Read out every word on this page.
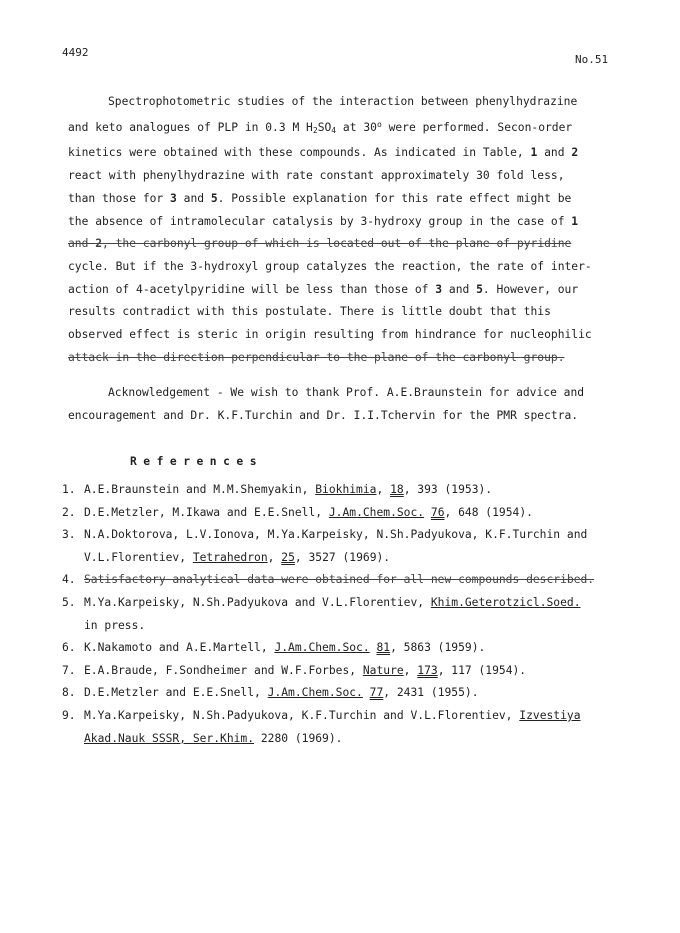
4492
No.51
Spectrophotometric studies of the interaction between phenylhydrazine
and keto analogues of PLP in 0.3 M $H_2SO_4$ at 30$^o$ were performed. Secon-order
kinetics were obtained with these compounds. As indicated in Table, 1 and 2
react with phenylhydrazine with rate constant approximately 30 fold less,
than those for 3 and 5. Possible explanation for this rate effect might be
the absence of intramolecular catalysis by 3-hydroxy group in the case of 1
and 2, the carbonyl group of which is located out of the plane of pyridine
cycle. But if the 3-hydroxyl group catalyzes the reaction, the rate of inter-
action of 4-acetylpyridine will be less than those of 3 and 5. However, our
results contradict with this postulate. There is little doubt that this
observed effect is steric in origin resulting from hindrance for nucleophilic
attack in the direction perpendicular to the plane of the carbonyl group.
Acknowledgement - We wish to thank Prof. A.E.Braunstein for advice and
encouragement and Dr. K.F.Turchin and Dr. I.I.Tchervin for the PMR spectra.
References
1. A.E.Braunstein and M.M.Shemyakin, Biokhimia, 18, 393 (1953).
2. D.E.Metzler, M.Ikawa and E.E.Snell, J.Am.Chem.Soc. 76, 648 (1954).
3. N.A.Doktorova, L.V.Ionova, M.Ya.Karpeisky, N.Sh.Padyukova, K.F.Turchin and
V.L.Florentiev, Tetrahedron, 25, 3527 (1969).
4. Satisfactory analytical data were obtained for all new compounds described.
5. M.Ya.Karpeisky, N.Sh.Padyukova and V.L.Florentiev, Khim.Geterotzicl.Soed.
in press.
6. K.Nakamoto and A.E.Martell, J.Am.Chem.Soc. 81, 5863 (1959).
7. E.A.Braude, F.Sondheimer and W.F.Forbes, Nature, 173, 117 (1954).
8. D.E.Metzler and E.E.Snell, J.Am.Chem.Soc. 77, 2431 (1955).
9. M.Ya.Karpeisky, N.Sh.Padyukova, K.F.Turchin and V.L.Florentiev, Izvestiya
Akad.Nauk SSSR, Ser.Khim. 2280 (1969).
